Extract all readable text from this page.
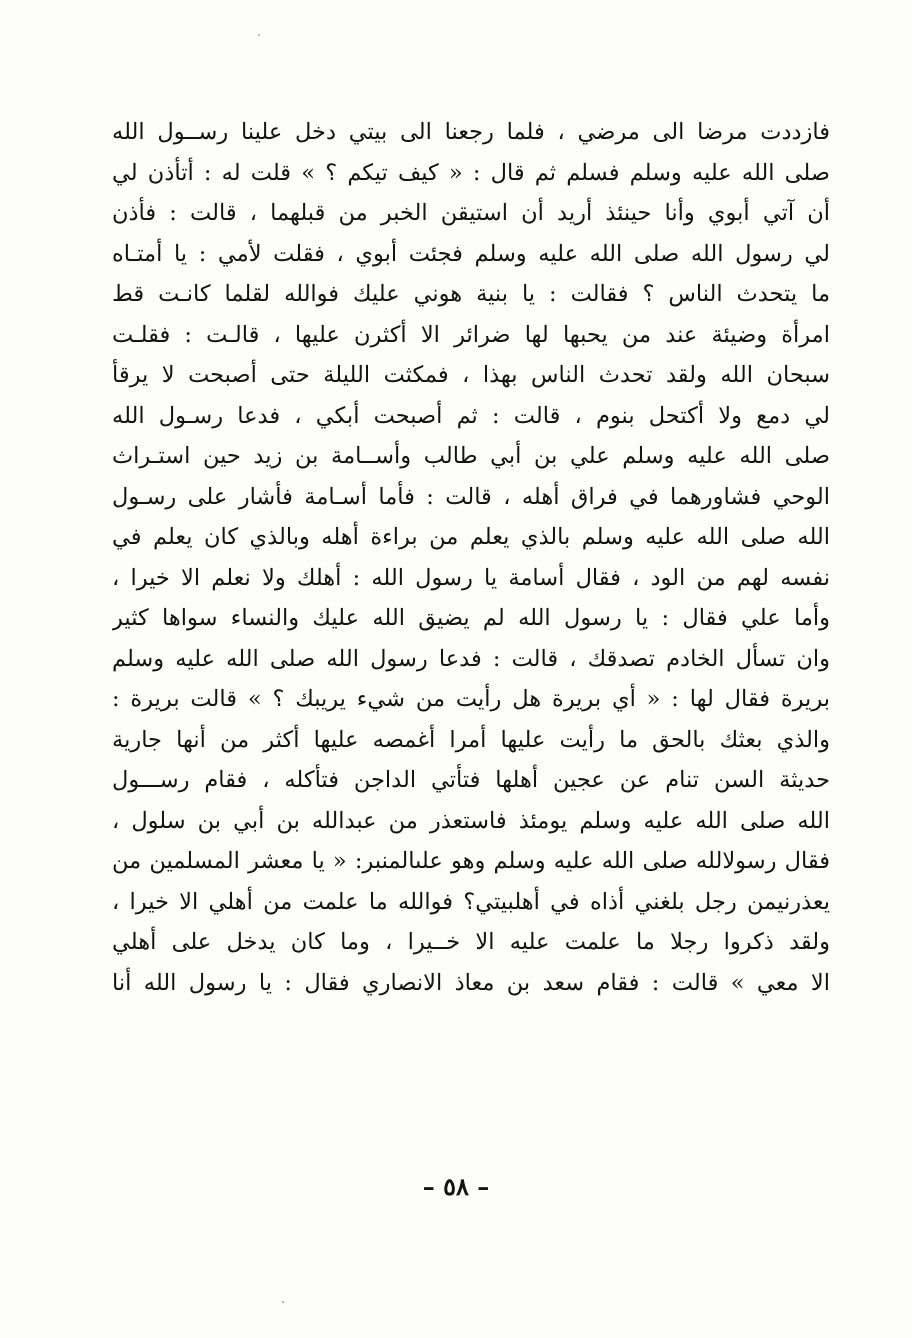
فازددت مرضا الى مرضي ، فلما رجعنا الى بيتي دخل علينا رســول الله
صلى الله عليه وسلم فسلم ثم قال : « كيف تيكم ؟ » قلت له : أتأذن لي
أن آتي أبوي وأنا حينئذ أريد أن استيقن الخبر من قبلهما ، قالت : فأذن
لي رسول الله صلى الله عليه وسلم فجئت أبوي ، فقلت لأمي : يا أمتـاه
ما يتحدث الناس ؟ فقالت : يا بنية هوني عليك فوالله لقلما كانـت قط
امرأة وضيئة عند من يحبها لها ضرائر الا أكثرن عليها ، قالـت : فقلـت
سبحان الله ولقد تحدث الناس بهذا ، فمكثت الليلة حتى أصبحت لا يرقأ
لي دمع ولا أكتحل بنوم ، قالت : ثم أصبحت أبكي ، فدعا رسـول الله
صلى الله عليه وسلم علي بن أبي طالب وأســامة بن زيد حين استـراث
الوحي فشاورهما في فراق أهله ، قالت : فأما أسـامة فأشار على رسـول
الله صلى الله عليه وسلم بالذي يعلم من براءة أهله وبالذي كان يعلم في
نفسه لهم من الود ، فقال أسامة يا رسول الله : أهلك ولا نعلم الا خيرا ،
وأما علي فقال : يا رسول الله لم يضيق الله عليك والنساء سواها كثير
وان تسأل الخادم تصدقك ، قالت : فدعا رسول الله صلى الله عليه وسلم
بريرة فقال لها : « أي بريرة هل رأيت من شيء يريبك ؟ » قالت بريرة :
والذي بعثك بالحق ما رأيت عليها أمرا أغمصه عليها أكثر من أنها جارية
حديثة السن تنام عن عجين أهلها فتأتي الداجن فتأكله ، فقام رســـول
الله صلى الله عليه وسلم يومئذ فاستعذر من عبدالله بن أبي بن سلول ،
فقال رسولالله صلى الله عليه وسلم وهو علىالمنبر: « يا معشر المسلمين من
يعذرنيمن رجل بلغني أذاه في أهلبيتي؟ فوالله ما علمت من أهلي الا خيرا ،
ولقد ذكروا رجلا ما علمت عليه الا خــيرا ، وما كان يدخل على أهلي
الا معي » قالت : فقام سعد بن معاذ الانصاري فقال : يا رسول الله أنا
– ٥٨ –
